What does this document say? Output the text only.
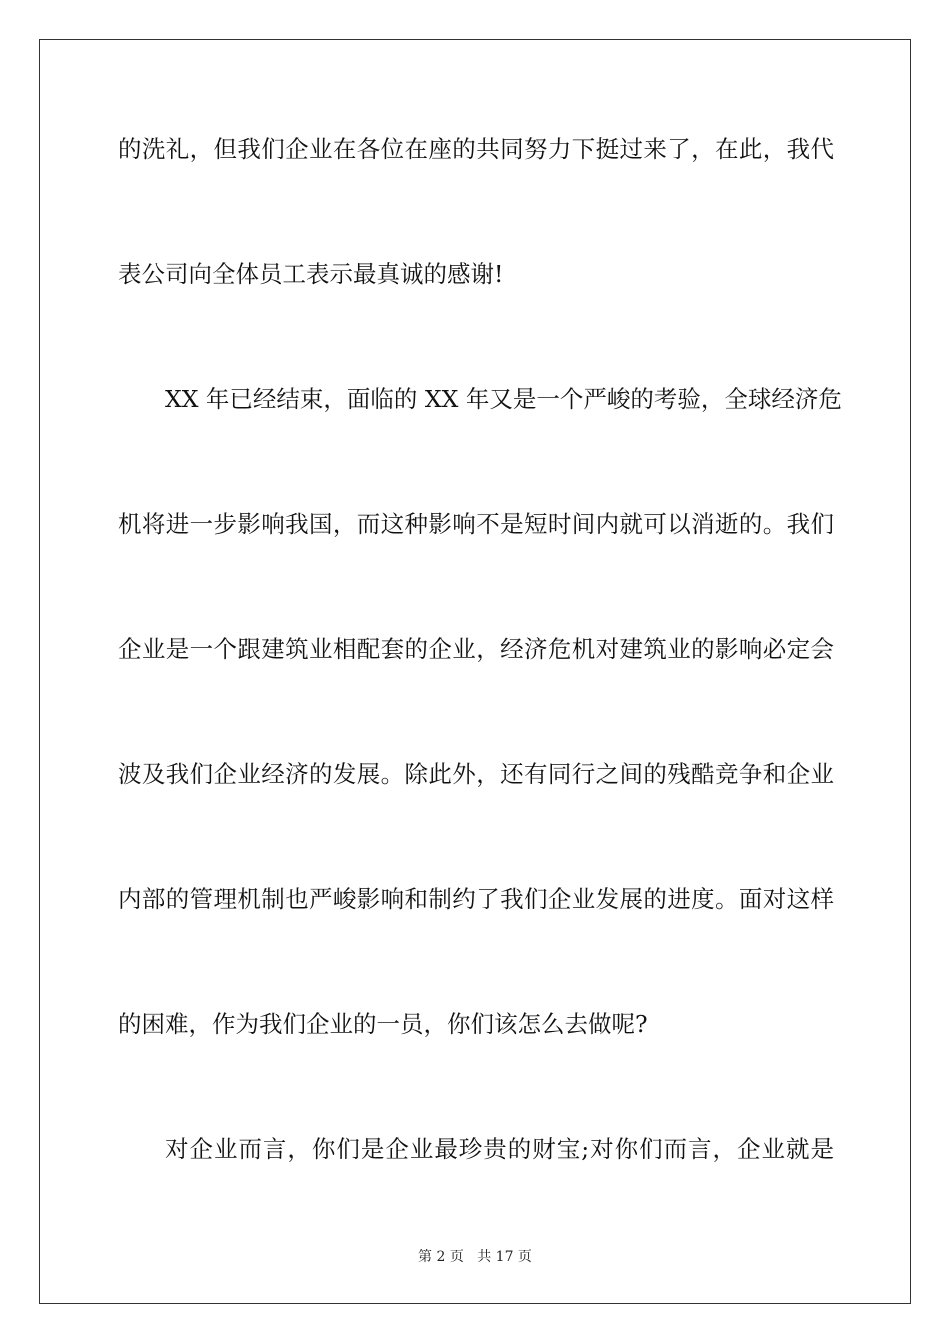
的洗礼，但我们企业在各位在座的共同努力下挺过来了，在此，我代
表公司向全体员工表示最真诚的感谢!
XX 年已经结束，面临的 XX 年又是一个严峻的考验，全球经济危
机将进一步影响我国，而这种影响不是短时间内就可以消逝的。我们
企业是一个跟建筑业相配套的企业，经济危机对建筑业的影响必定会
波及我们企业经济的发展。除此外，还有同行之间的残酷竞争和企业
内部的管理机制也严峻影响和制约了我们企业发展的进度。面对这样
的困难，作为我们企业的一员，你们该怎么去做呢?
对企业而言，你们是企业最珍贵的财宝;对你们而言，企业就是
第 2 页 共 17 页
